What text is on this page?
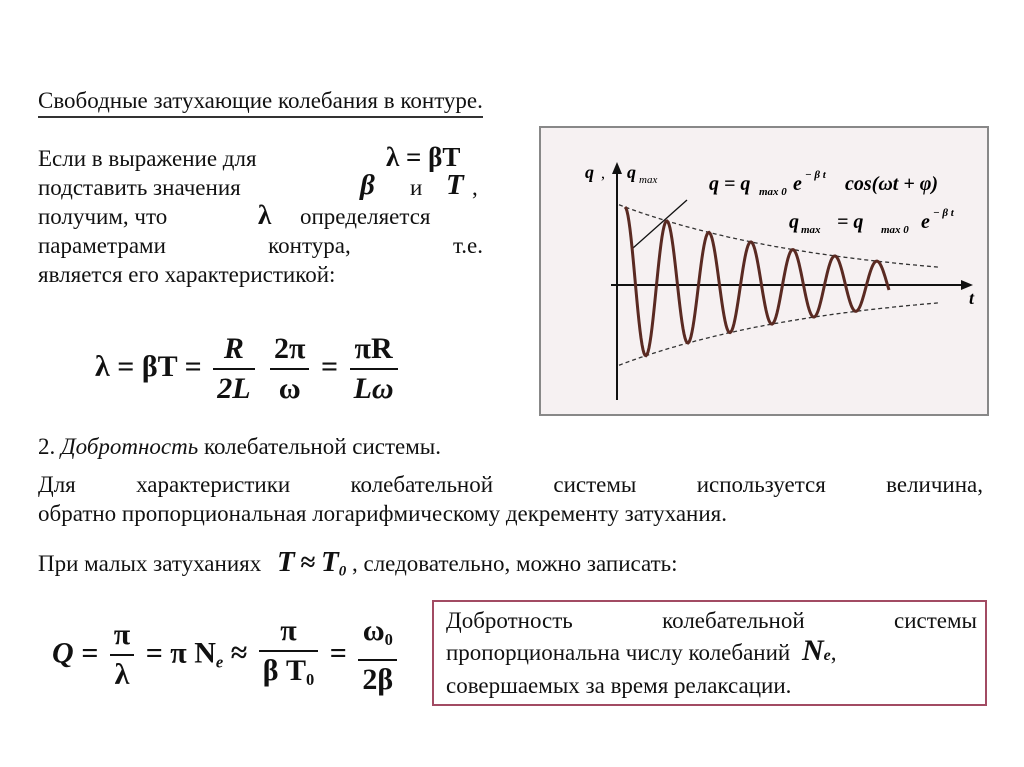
Свободные затухающие колебания в контуре.
Если в выражение для	λ = βT
подставить значения	β и T ,
получим, что	λ определяется
параметрами контура, т.е.
является его характеристикой:
$\lambda = \beta T = \frac{R}{2L}$
$\frac{2\pi}{\omega} = \frac{\pi R}{L\omega}$
q , q max
t
q = q max 0 e − β t cos(ωt + φ)
q max = q max 0 e − β t
2. Добротность колебательной системы.
Для характеристики колебательной системы используется величина,
обратно пропорциональная логарифмическому декременту затухания.
При малых затуханиях $T \approx T_0$ , следовательно, можно записать:
$Q = \frac{\pi}{\lambda} = \pi$ $N_e \approx \frac{\pi}{\beta T_0} = \frac{\omega_0}{2\beta}$ Добротность колебательной системы
пропорциональна числу колебаний Ne,
совершаемых за время релаксации.
